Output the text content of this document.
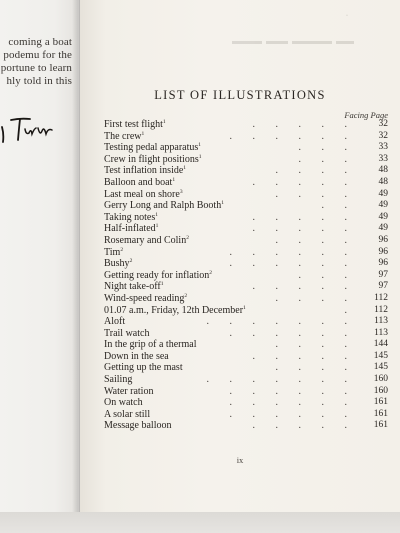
coming a boat
podemu for the
portune to learn
hly told in this
·
LIST OF ILLUSTRATIONS
Facing Page
First test flight$^1$	. . . . .	32
The crew$^1$	. . . . . .	32
Testing pedal apparatus$^1$	. . .	33
Crew in flight positions$^1$	. . .	33
Test inflation inside$^1$	. . . .	48
Balloon and boat$^1$	. . . . .	48
Last meal on shore$^3$	. . . .	49
Gerry Long and Ralph Booth$^1$	. .	49
Taking notes$^1$	. . . . .	49
Half-inflated$^1$	. . . . .	49
Rosemary and Colin$^2$	. . . .	96
Tim$^2$	. . . . . .	96
Bushy$^2$	. . . . . .	96
Getting ready for inflation$^2$	. . .	97
Night take-off$^1$	. . . . .	97
Wind-speed reading$^2$	. . . .	112
01.07 a.m., Friday, 12th December$^1$	.	112
Aloft	. . . . . . .	113
Trail watch	. . . . . .	113
In the grip of a thermal	. . . .	144
Down in the sea	. . . . .	145
Getting up the mast	. . . .	145
Sailing	. . . . . . .	160
Water ration	. . . . . .	160
On watch	. . . . . .	161
A solar still	. . . . . .	161
Message balloon	. . . . .	161
ix
